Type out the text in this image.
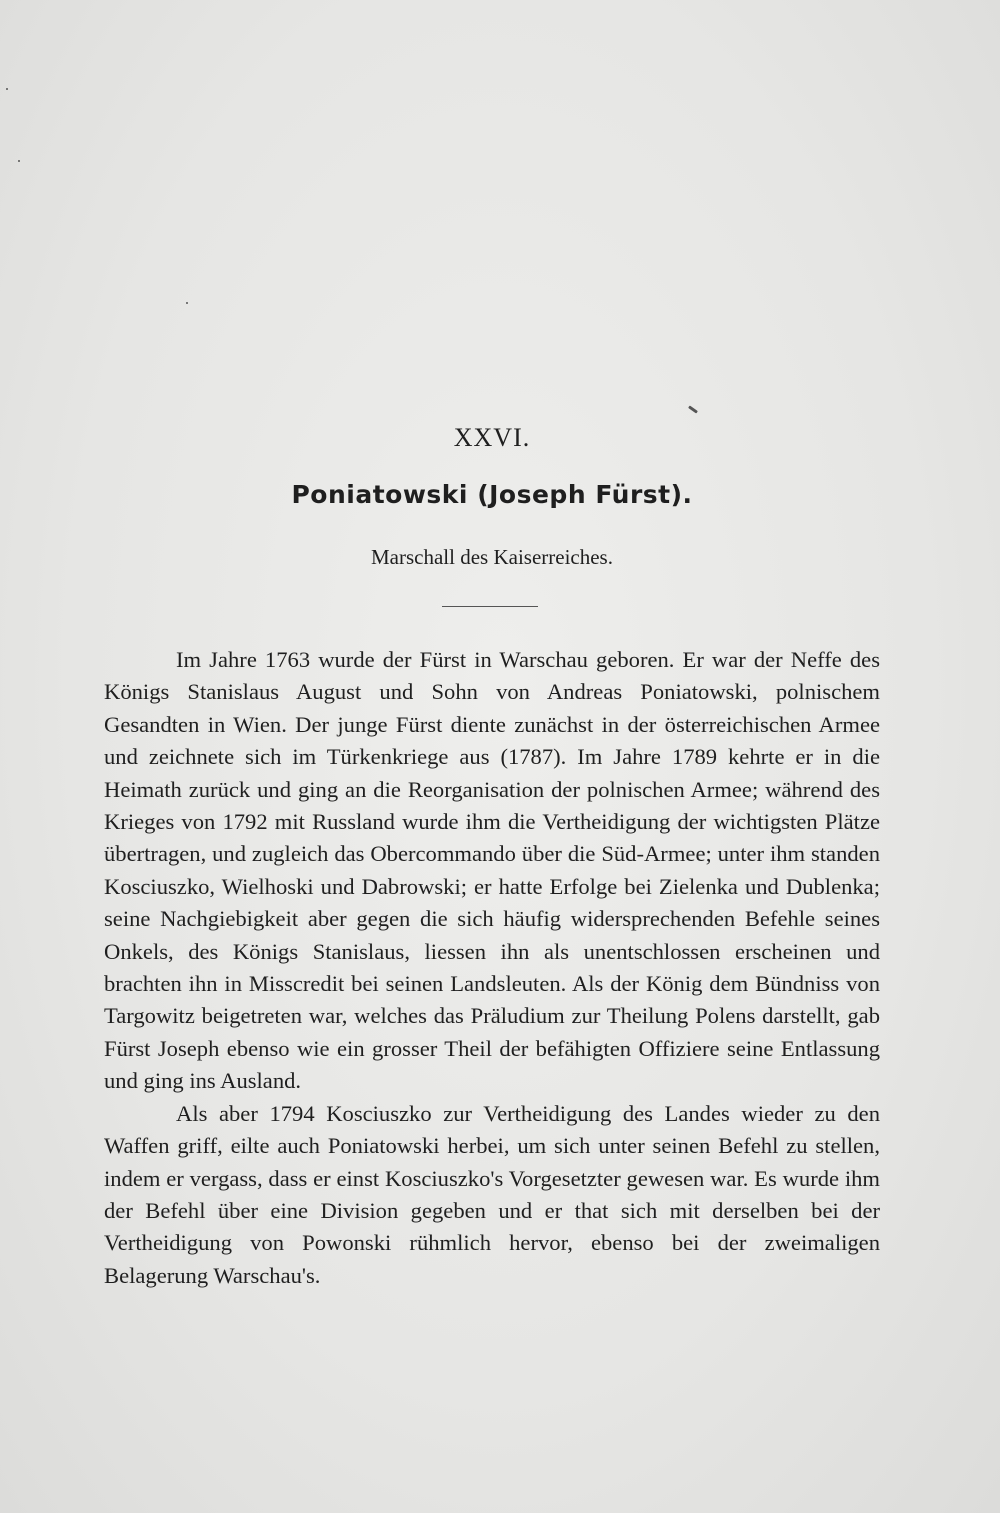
XXVI.
Poniatowski (Joseph Fürst).
Marschall des Kaiserreiches.

Im Jahre 1763 wurde der Fürst in Warschau geboren. Er war der Neffe des Königs Stanislaus August und Sohn von Andreas Poniatowski, polnischem Gesandten in Wien. Der junge Fürst diente zunächst in der österreichischen Armee und zeichnete sich im Türkenkriege aus (1787). Im Jahre 1789 kehrte er in die Heimath zurück und ging an die Reorganisation der polnischen Armee; während des Krieges von 1792 mit Russland wurde ihm die Vertheidigung der wichtigsten Plätze übertragen, und zugleich das Obercommando über die Süd-Armee; unter ihm standen Kosciuszko, Wielhoski und Dabrowski; er hatte Erfolge bei Zielenka und Dublenka; seine Nachgiebigkeit aber gegen die sich häufig widersprechenden Befehle seines Onkels, des Königs Stanislaus, liessen ihn als unentschlossen erscheinen und brachten ihn in Misscredit bei seinen Landsleuten. Als der König dem Bündniss von Targowitz beigetreten war, welches das Präludium zur Theilung Polens darstellt, gab Fürst Joseph ebenso wie ein grosser Theil der befähigten Offiziere seine Entlassung und ging ins Ausland.

Als aber 1794 Kosciuszko zur Vertheidigung des Landes wieder zu den Waffen griff, eilte auch Poniatowski herbei, um sich unter seinen Befehl zu stellen, indem er vergass, dass er einst Kosciuszko's Vorgesetzter gewesen war. Es wurde ihm der Befehl über eine Division gegeben und er that sich mit derselben bei der Vertheidigung von Powonski rühmlich hervor, ebenso bei der zweimaligen Belagerung Warschau's.
